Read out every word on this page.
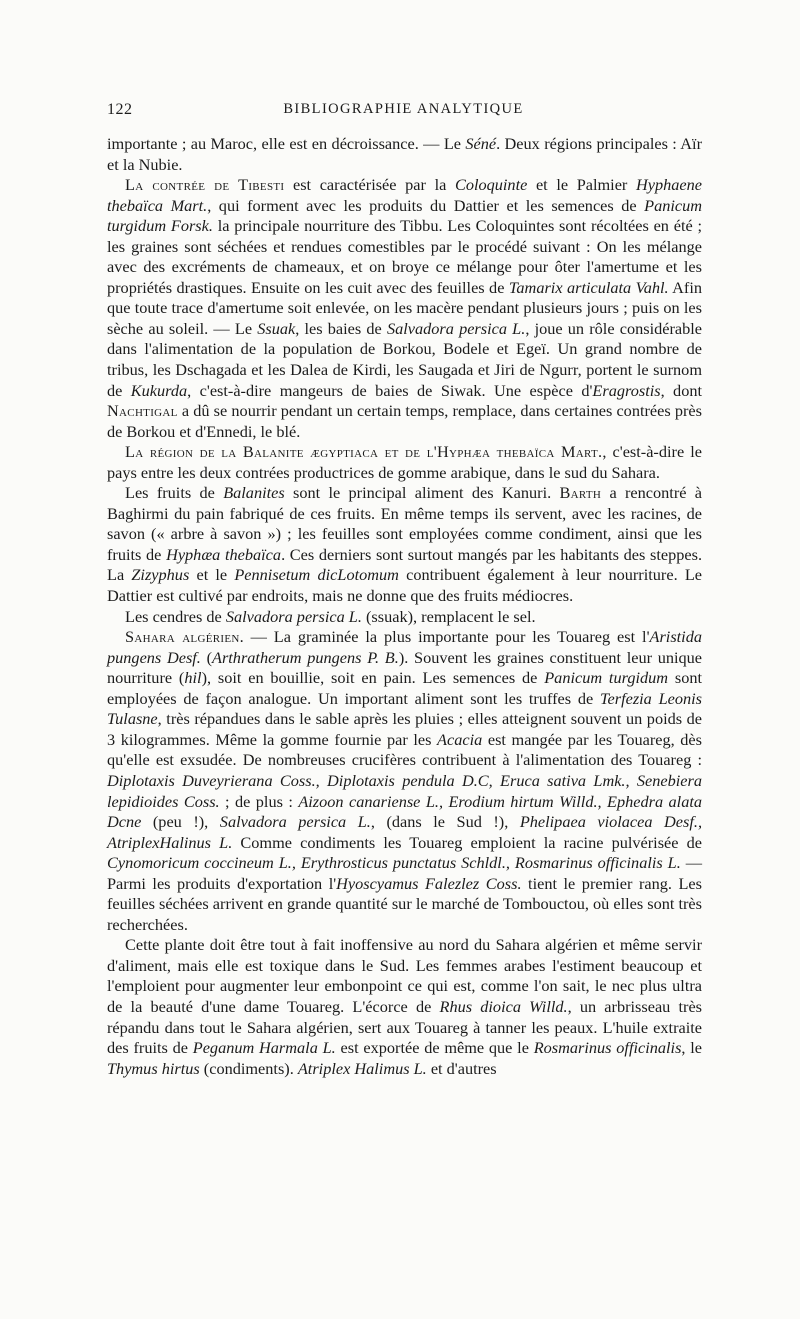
122	BIBLIOGRAPHIE ANALYTIQUE

importante ; au Maroc, elle est en décroissance. — Le Séné. Deux régions principales : Aïr et la Nubie.

La contrée de Tibesti est caractérisée par la Coloquinte et le Palmier Hyphaene thebaïca Mart., qui forment avec les produits du Dattier et les semences de Panicum turgidum Forsk. la principale nourriture des Tibbu. Les Coloquintes sont récoltées en été ; les graines sont séchées et rendues comestibles par le procédé suivant : On les mélange avec des excréments de chameaux, et on broye ce mélange pour ôter l'amertume et les propriétés drastiques. Ensuite on les cuit avec des feuilles de Tamarix articulata Vahl. Afin que toute trace d'amertume soit enlevée, on les macère pendant plusieurs jours ; puis on les sèche au soleil. — Le Ssuak, les baies de Salvadora persica L., joue un rôle considérable dans l'alimentation de la population de Borkou, Bodele et Egeï. Un grand nombre de tribus, les Dschagada et les Dalea de Kirdi, les Saugada et Jiri de Ngurr, portent le surnom de Kukurda, c'est-à-dire mangeurs de baies de Siwak. Une espèce d'Eragrostis, dont Nachtigal a dû se nourrir pendant un certain temps, remplace, dans certaines contrées près de Borkou et d'Ennedi, le blé.

La région de la Balanite ægyptiaca et de l'Hyphæa thebaïca Mart., c'est-à-dire le pays entre les deux contrées productrices de gomme arabique, dans le sud du Sahara.

Les fruits de Balanites sont le principal aliment des Kanuri. Barth a rencontré à Baghirmi du pain fabriqué de ces fruits. En même temps ils servent, avec les racines, de savon (« arbre à savon ») ; les feuilles sont employées comme condiment, ainsi que les fruits de Hyphæa thebaïca. Ces derniers sont surtout mangés par les habitants des steppes. La Zizyphus et le Pennisetum dicLotomum contribuent également à leur nourriture. Le Dattier est cultivé par endroits, mais ne donne que des fruits médiocres.

Les cendres de Salvadora persica L. (ssuak), remplacent le sel.

Sahara algérien. — La graminée la plus importante pour les Touareg est l'Aristida pungens Desf. (Arthratherum pungens P. B.). Souvent les graines constituent leur unique nourriture (hil), soit en bouillie, soit en pain. Les semences de Panicum turgidum sont employées de façon analogue. Un important aliment sont les truffes de Terfezia Leonis Tulasne, très répandues dans le sable après les pluies ; elles atteignent souvent un poids de 3 kilogrammes. Même la gomme fournie par les Acacia est mangée par les Touareg, dès qu'elle est exsudée. De nombreuses crucifères contribuent à l'alimentation des Touareg : Diplotaxis Duveyrierana Coss., Diplotaxis pendula D.C, Eruca sativa Lmk., Senebiera lepidioides Coss. ; de plus : Aizoon canariense L., Erodium hirtum Willd., Ephedra alata Dcne (peu !), Salvadora persica L., (dans le Sud !), Phelipaea violacea Desf., AtriplexHalinus L. Comme condiments les Touareg emploient la racine pulvérisée de Cynomoricum coccineum L., Erythrosticus punctatus Schldl., Rosmarinus officinalis L. — Parmi les produits d'exportation l'Hyoscyamus Falezlez Coss. tient le premier rang. Les feuilles séchées arrivent en grande quantité sur le marché de Tombouctou, où elles sont très recherchées.

Cette plante doit être tout à fait inoffensive au nord du Sahara algérien et même servir d'aliment, mais elle est toxique dans le Sud. Les femmes arabes l'estiment beaucoup et l'emploient pour augmenter leur embonpoint ce qui est, comme l'on sait, le nec plus ultra de la beauté d'une dame Touareg. L'écorce de Rhus dioica Willd., un arbrisseau très répandu dans tout le Sahara algérien, sert aux Touareg à tanner les peaux. L'huile extraite des fruits de Peganum Harmala L. est exportée de même que le Rosmarinus officinalis, le Thymus hirtus (condiments). Atriplex Halimus L. et d'autres
